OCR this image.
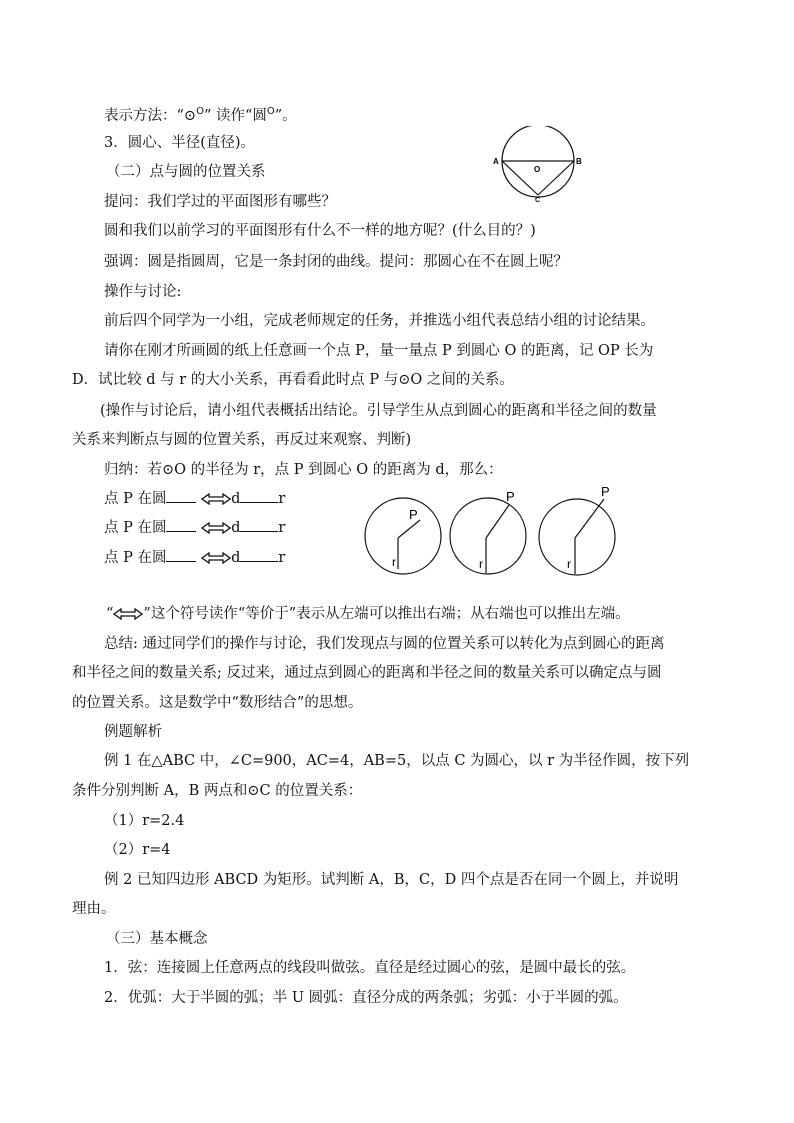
表示方法：“⊙$^O$” 读作“圆$^O$”。
3．圆心、半径(直径)。
（二）点与圆的位置关系
提问：我们学过的平面图形有哪些？
圆和我们以前学习的平面图形有什么不一样的地方呢？(什么目的？)
强调：圆是指圆周，它是一条封闭的曲线。提问：那圆心在不在圆上呢？
操作与讨论:
前后四个同学为一小组，完成老师规定的任务，并推选小组代表总结小组的讨论结果。
请你在刚才所画圆的纸上任意画一个点 P，量一量点 P 到圆心 O 的距离，记 OP 长为
D．试比较 d 与 r 的大小关系，再看看此时点 P 与⊙O 之间的关系。
(操作与讨论后，请小组代表概括出结论。引导学生从点到圆心的距离和半径之间的数量
关系来判断点与圆的位置关系，再反过来观察、判断)
归纳：若⊙O 的半径为 r，点 P 到圆心 O 的距离为 d，那么：
点 P 在圆	d	r
点 P 在圆	d	r
点 P 在圆	d	r
“ ”这个符号读作“等价于”表示从左端可以推出右端；从右端也可以推出左端。
总结: 通过同学们的操作与讨论，我们发现点与圆的位置关系可以转化为点到圆心的距离
和半径之间的数量关系; 反过来，通过点到圆心的距离和半径之间的数量关系可以确定点与圆
的位置关系。这是数学中“数形结合”的思想。
例题解析
例 1 在△ABC 中，∠C=900，AC=4，AB=5，以点 C 为圆心，以 r 为半径作圆，按下列
条件分别判断 A，B 两点和⊙C 的位置关系：
（1）r=2.4
（2）r=4
例 2 已知四边形 ABCD 为矩形。试判断 A，B，C，D 四个点是否在同一个圆上，并说明
理由。
（三）基本概念
1．弦：连接圆上任意两点的线段叫做弦。直径是经过圆心的弦，是圆中最长的弦。
2．优弧：大于半圆的弧；半 U 圆弧：直径分成的两条弧；劣弧：小于半圆的弧。
A	B
O
C
P
r
P
r
P
r
